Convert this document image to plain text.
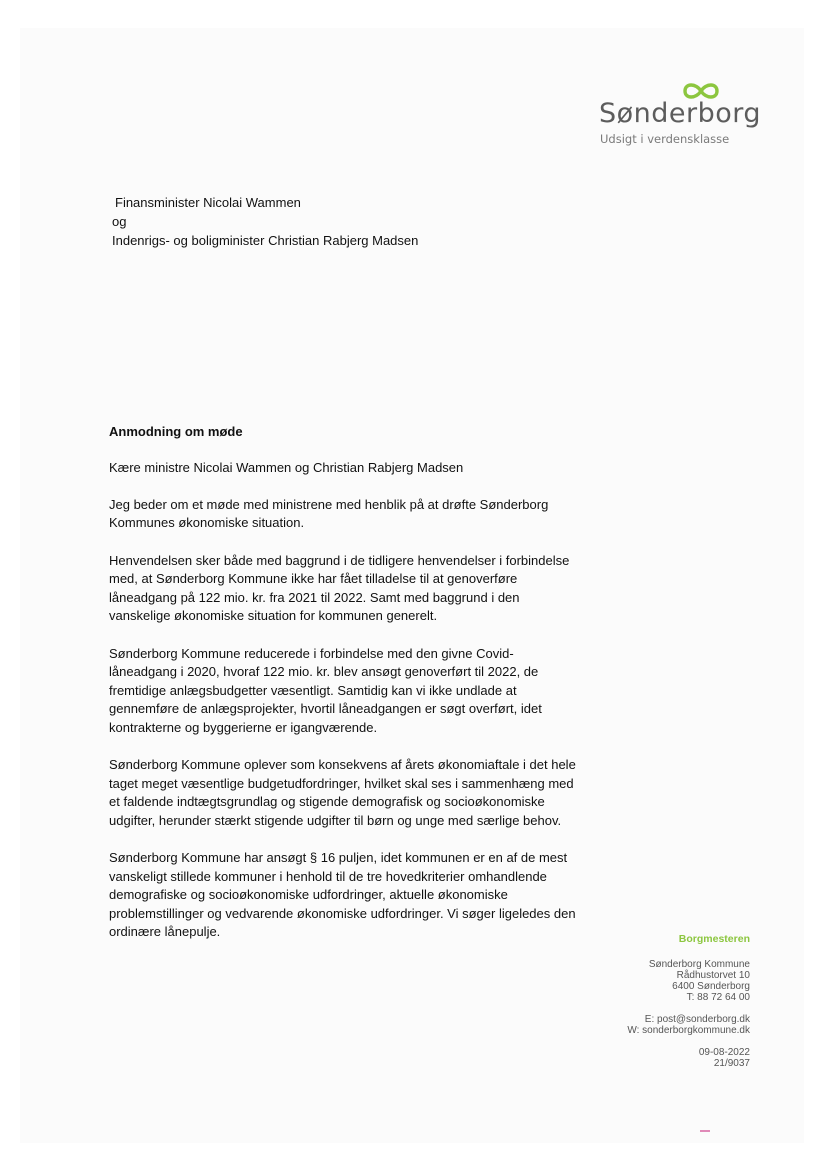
Sønderborg
Udsigt i verdensklasse
Finansminister Nicolai Wammen
og
Indenrigs- og boligminister Christian Rabjerg Madsen
Anmodning om møde

Kære ministre Nicolai Wammen og Christian Rabjerg Madsen

Jeg beder om et møde med ministrene med henblik på at drøfte Sønderborg Kommunes økonomiske situation.

Henvendelsen sker både med baggrund i de tidligere henvendelser i forbindelse med, at Sønderborg Kommune ikke har fået tilladelse til at genoverføre låneadgang på 122 mio. kr. fra 2021 til 2022. Samt med baggrund i den vanskelige økonomiske situation for kommunen generelt.

Sønderborg Kommune reducerede i forbindelse med den givne Covid-låneadgang i 2020, hvoraf 122 mio. kr. blev ansøgt genoverført til 2022, de fremtidige anlægsbudgetter væsentligt. Samtidig kan vi ikke undlade at gennemføre de anlægsprojekter, hvortil låneadgangen er søgt overført, idet kontrakterne og byggerierne er igangværende.

Sønderborg Kommune oplever som konsekvens af årets økonomiaftale i det hele taget meget væsentlige budgetudfordringer, hvilket skal ses i sammenhæng med et faldende indtægtsgrundlag og stigende demografisk og socioøkonomiske udgifter, herunder stærkt stigende udgifter til børn og unge med særlige behov.

Sønderborg Kommune har ansøgt § 16 puljen, idet kommunen er en af de mest vanskeligt stillede kommuner i henhold til de tre hovedkriterier omhandlende demografiske og socioøkonomiske udfordringer, aktuelle økonomiske problemstillinger og vedvarende økonomiske udfordringer. Vi søger ligeledes den ordinære lånepulje.	Borgmesteren
Sønderborg Kommune
Rådhustorvet 10
6400 Sønderborg
T: 88 72 64 00
E: post@sonderborg.dk
W: sonderborgkommune.dk
09-08-2022
21/9037
